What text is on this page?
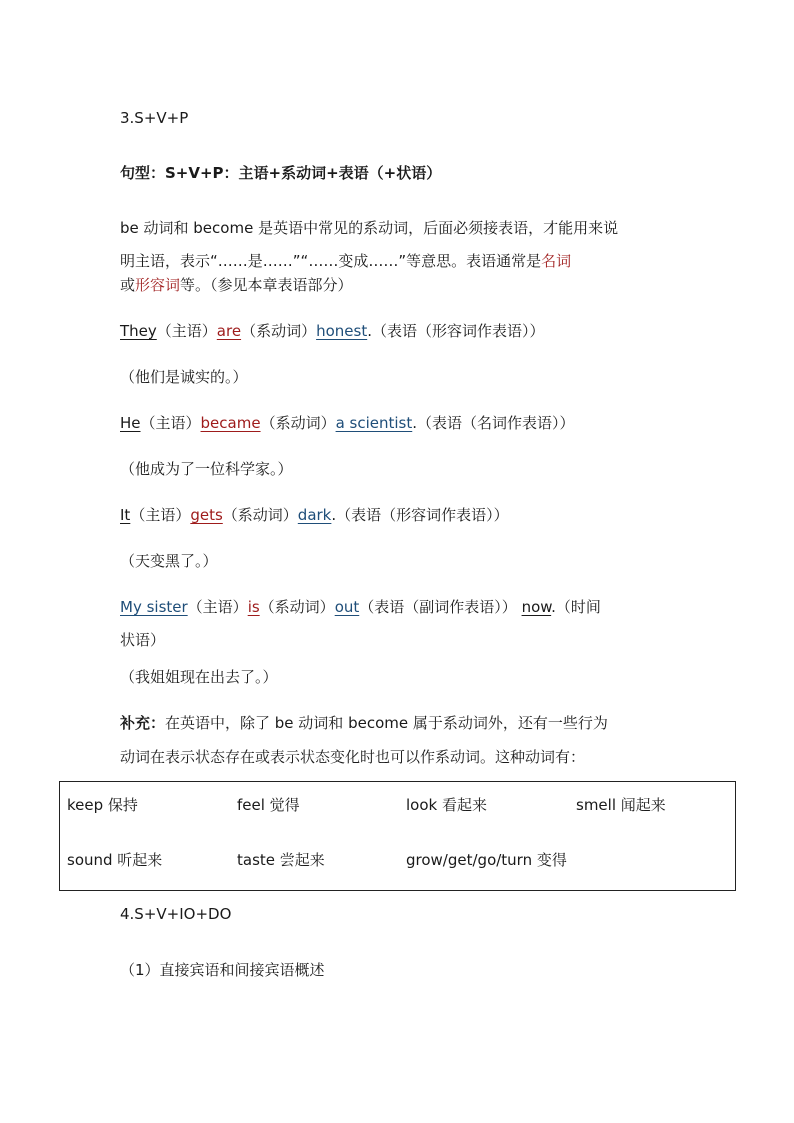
3.S+V+P
句型：S+V+P：主语+系动词+表语（+状语）
be 动词和 become 是英语中常见的系动词，后面必须接表语，才能用来说
明主语，表示“……是……”“……变成……”等意思。表语通常是名词
或形容词等。（参见本章表语部分）
They（主语）are（系动词）honest.（表语（形容词作表语））
（他们是诚实的。）
He（主语）became（系动词）a scientist.（表语（名词作表语））
（他成为了一位科学家。）
It（主语）gets（系动词）dark.（表语（形容词作表语））
（天变黑了。）
My sister（主语）is（系动词）out（表语（副词作表语）） now.（时间
状语）
（我姐姐现在出去了。）
补充：在英语中，除了 be 动词和 become 属于系动词外，还有一些行为
动词在表示状态存在或表示状态变化时也可以作系动词。这种动词有：
keep 保持	feel 觉得	look 看起来	smell 闻起来
sound 听起来	taste 尝起来	grow/get/go/turn 变得
4.S+V+IO+DO
（1）直接宾语和间接宾语概述
